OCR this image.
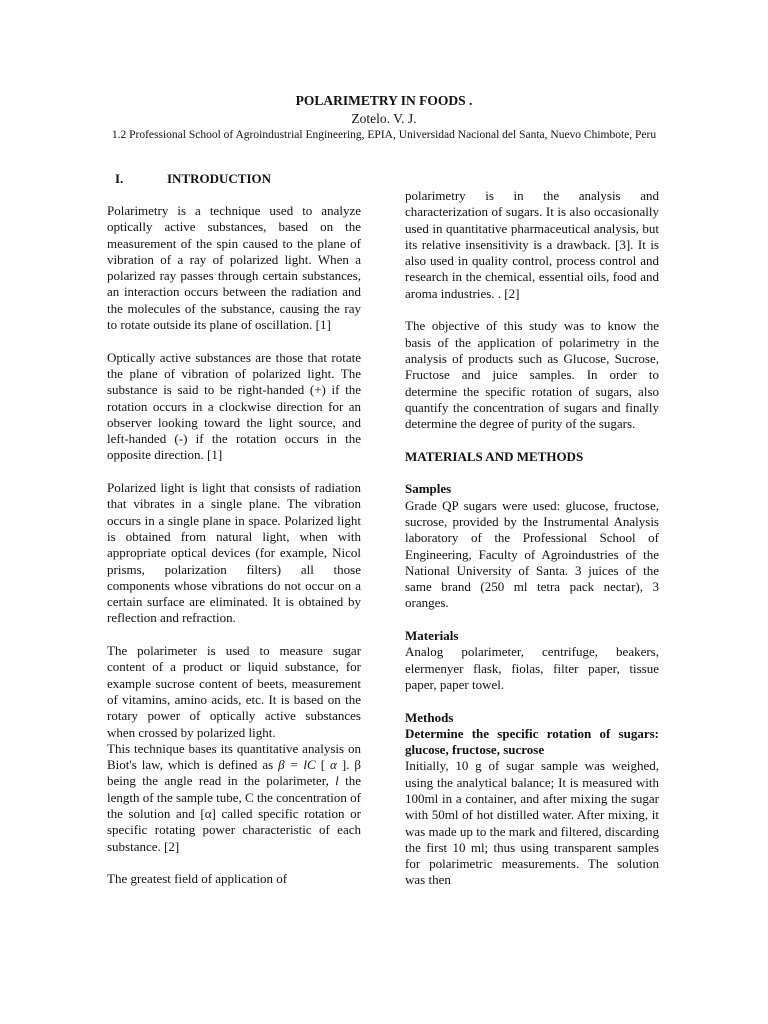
POLARIMETRY IN FOODS .

Zotelo. V. J.

1.2 Professional School of Agroindustrial Engineering, EPIA, Universidad Nacional del Santa, Nuevo Chimbote, Peru

I.	INTRODUCTION

Polarimetry is a technique used to analyze optically active substances, based on the measurement of the spin caused to the plane of vibration of a ray of polarized light. When a polarized ray passes through certain substances, an interaction occurs between the radiation and the molecules of the substance, causing the ray to rotate outside its plane of oscillation. [1]

Optically active substances are those that rotate the plane of vibration of polarized light. The substance is said to be right-handed (+) if the rotation occurs in a clockwise direction for an observer looking toward the light source, and left-handed (-) if the rotation occurs in the opposite direction. [1]

Polarized light is light that consists of radiation that vibrates in a single plane. The vibration occurs in a single plane in space. Polarized light is obtained from natural light, when with appropriate optical devices (for example, Nicol prisms, polarization filters) all those components whose vibrations do not occur on a certain surface are eliminated. It is obtained by reflection and refraction.

The polarimeter is used to measure sugar content of a product or liquid substance, for example sucrose content of beets, measurement of vitamins, amino acids, etc. It is based on the rotary power of optically active substances when crossed by polarized light.

This technique bases its quantitative analysis on Biot's law, which is defined as β = lC [ α ]. β being the angle read in the polarimeter, l the length of the sample tube, C the concentration of the solution and [α] called specific rotation or specific rotating power characteristic of each substance. [2]

The greatest field of application of

polarimetry is in the analysis and characterization of sugars. It is also occasionally used in quantitative pharmaceutical analysis, but its relative insensitivity is a drawback. [3]. It is also used in quality control, process control and research in the chemical, essential oils, food and aroma industries. . [2]

The objective of this study was to know the basis of the application of polarimetry in the analysis of products such as Glucose, Sucrose, Fructose and juice samples. In order to determine the specific rotation of sugars, also quantify the concentration of sugars and finally determine the degree of purity of the sugars.

MATERIALS AND METHODS

Samples

Grade QP sugars were used: glucose, fructose, sucrose, provided by the Instrumental Analysis laboratory of the Professional School of Engineering, Faculty of Agroindustries of the National University of Santa. 3 juices of the same brand (250 ml tetra pack nectar), 3 oranges.

Materials

Analog polarimeter, centrifuge, beakers, elermenyer flask, fiolas, filter paper, tissue paper, paper towel.

Methods

Determine the specific rotation of sugars: glucose, fructose, sucrose

Initially, 10 g of sugar sample was weighed, using the analytical balance; It is measured with 100ml in a container, and after mixing the sugar with 50ml of hot distilled water. After mixing, it was made up to the mark and filtered, discarding the first 10 ml; thus using transparent samples for polarimetric measurements. The solution was then
